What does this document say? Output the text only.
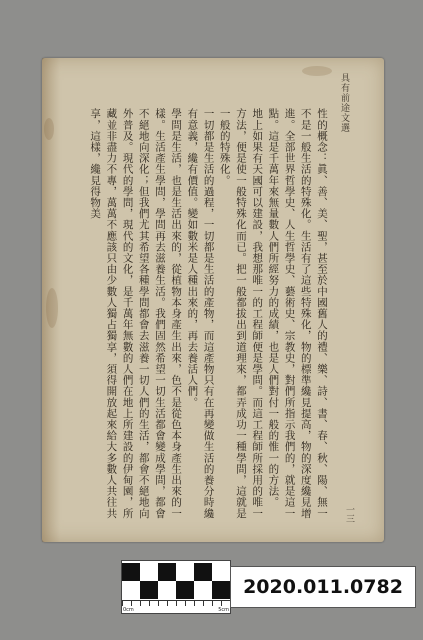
具有前途文選
一三

性的概念：眞、善、美、聖，甚至於中國舊人的禮、樂、詩、書、春、秋、陽、無一不是一般生活的特殊化。生活有了這些特殊化，物的標準纔見提高，物的深度纔見增進。全部世界哲學史、人生哲學史、藝術史、宗教史，對們所指示我們的，就是這一點。這是千萬年來無量數人們所經努力的成績，也是人們對付一般的惟一的方法。

地上如果有天國可以建設，我想那唯一的工程師便是學問。而這工程師所採用的唯一方法，便是使一般特殊化而已。把一般都拔出到道理來，都弄成功一種學問，這就是一般的特殊化。

一切都是生活的過程，一切都是生活的產物，而這產物只有在再變做生活的養分時纔有意義，纔有價值。變如數米是人種出來的，再去養活人們。

學問是生活，也是生活出來的，從植物本身產生出來，色不是從色本身產生出來的一樣。生活產生學問，學問再去滋養生活。我們固然希望一切生活都會變成學問，都會不絕地向深化；但我們尤其希望各種學問都會去滋養一切人們的生活，都會不絕地向外普及。現代的學問，現代的文化，是千萬年無數的人們在地上所建設的伊甸園，所藏並非盡力不專，萬萬不應該只由少數人獨占獨享，須得開放起來給大多數人共往共享，這樣，纔見得物美

0cm	5cm
2020.011.0782
